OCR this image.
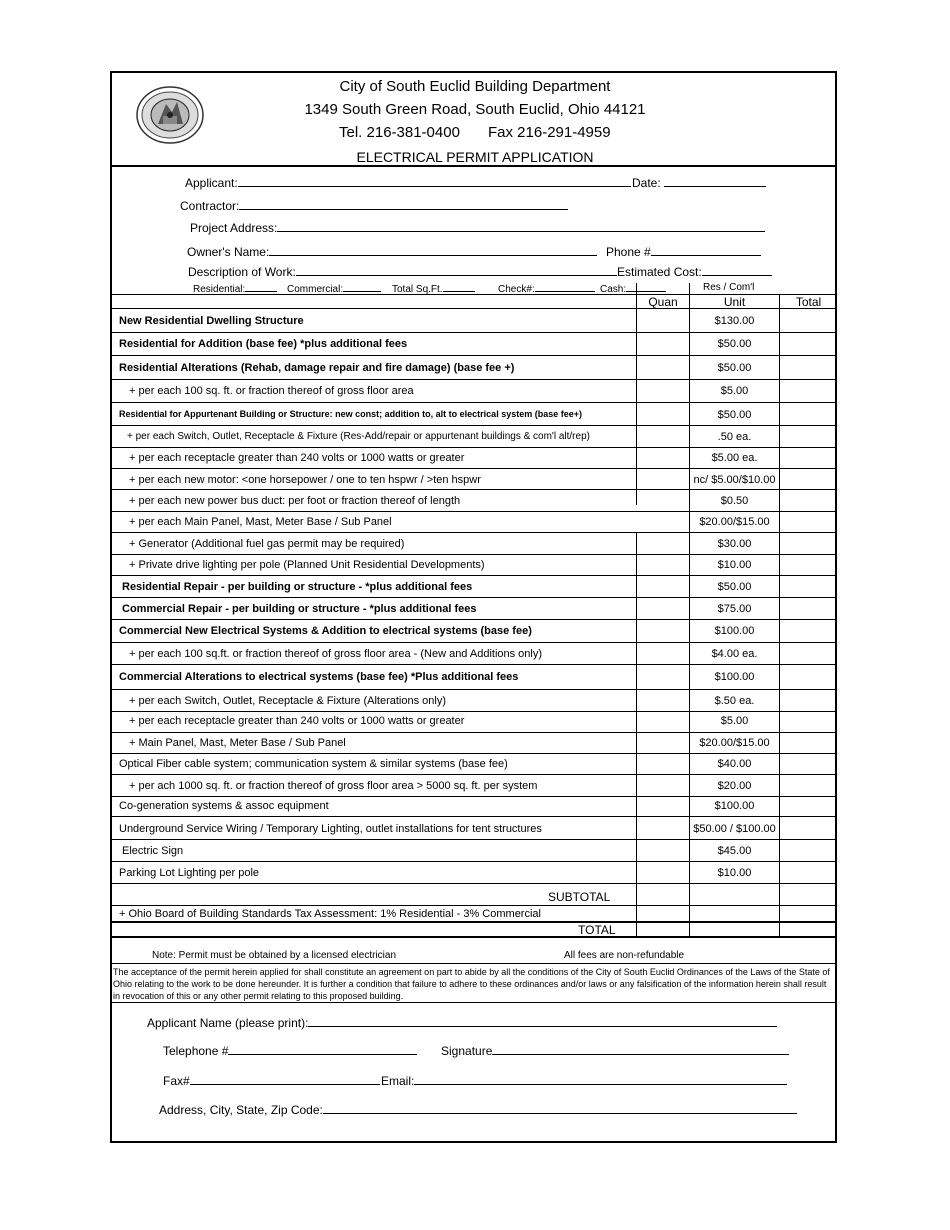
City of South Euclid Building Department
1349 South Green Road, South Euclid, Ohio 44121
Tel. 216-381-0400 Fax 216-291-4959
ELECTRICAL PERMIT APPLICATION
Applicant:	Date:
Contractor:
Project Address:
Owner's Name:	Phone #
Description of Work:	Estimated Cost:
Residential:	Commercial:	Total Sq.Ft.	Check#:	Cash:	Res / Com'l
Quan	Unit	Total
New Residential Dwelling Structure	$130.00
Residential for Addition (base fee) *plus additional fees	$50.00
Residential Alterations (Rehab, damage repair and fire damage) (base fee +)	$50.00
+ per each 100 sq. ft. or fraction thereof of gross floor area	$5.00
Residential for Appurtenant Building or Structure: new const; addition to, alt to electrical system (base fee+)	$50.00
+ per each Switch, Outlet, Receptacle & Fixture (Res-Add/repair or appurtenant buildings & com'l alt/rep)	.50 ea.
+ per each receptacle greater than 240 volts or 1000 watts or greater	$5.00 ea.
+ per each new motor: <one horsepower / one to ten hspwr / >ten hspwr	nc/ $5.00/$10.00
+ per each new power bus duct: per foot or fraction thereof of length	$0.50
+ per each Main Panel, Mast, Meter Base / Sub Panel	$20.00/$15.00
+ Generator (Additional fuel gas permit may be required)	$30.00
+ Private drive lighting per pole (Planned Unit Residential Developments)	$10.00
Residential Repair - per building or structure - *plus additional fees	$50.00
Commercial Repair - per building or structure - *plus additional fees	$75.00
Commercial New Electrical Systems & Addition to electrical systems (base fee)	$100.00
+ per each 100 sq.ft. or fraction thereof of gross floor area - (New and Additions only)	$4.00 ea.
Commercial Alterations to electrical systems (base fee) *Plus additional fees	$100.00
+ per each Switch, Outlet, Receptacle & Fixture (Alterations only)	$.50 ea.
+ per each receptacle greater than 240 volts or 1000 watts or greater	$5.00
+ Main Panel, Mast, Meter Base / Sub Panel	$20.00/$15.00
Optical Fiber cable system; communication system & similar systems (base fee)	$40.00
+ per ach 1000 sq. ft. or fraction thereof of gross floor area > 5000 sq. ft. per system	$20.00
Co-generation systems & assoc equipment	$100.00
Underground Service Wiring / Temporary Lighting, outlet installations for tent structures	$50.00 / $100.00
Electric Sign	$45.00
Parking Lot Lighting per pole	$10.00
SUBTOTAL
+ Ohio Board of Building Standards Tax Assessment: 1% Residential - 3% Commercial
TOTAL
Note: Permit must be obtained by a licensed electrician	All fees are non-refundable
The acceptance of the permit herein applied for shall constitute an agreement on part to abide by all the conditions of the City of South Euclid Ordinances of the Laws of the State of Ohio relating to the work to be done hereunder. It is further a condition that failure to adhere to these ordinances and/or laws or any falsification of the information herein shall result in revocation of this or any other permit relating to this proposed building.
Applicant Name (please print):
Telephone #	Signature
Fax#	Email:
Address, City, State, Zip Code:
